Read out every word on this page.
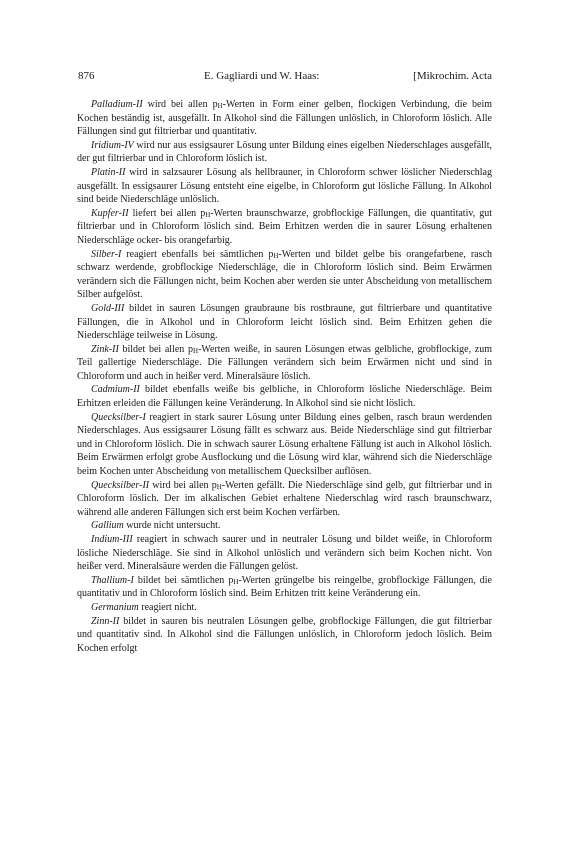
876	E. Gagliardi und W. Haas:	[Mikrochim. Acta

Palladium-II wird bei allen $p_H$-Werten in Form einer gelben, flockigen Verbindung, die beim Kochen beständig ist, ausgefällt. In Alkohol sind die Fällungen unlöslich, in Chloroform löslich. Alle Fällungen sind gut filtrierbar und quantitativ.

Iridium-IV wird nur aus essigsaurer Lösung unter Bildung eines eigelben Niederschlages ausgefällt, der gut filtrierbar und in Chloroform löslich ist.

Platin-II wird in salzsaurer Lösung als hellbrauner, in Chloroform schwer löslicher Niederschlag ausgefällt. In essigsaurer Lösung entsteht eine eigelbe, in Chloroform gut lösliche Fällung. In Alkohol sind beide Niederschläge unlöslich.

Kupfer-II liefert bei allen $p_H$-Werten braunschwarze, grobflockige Fällungen, die quantitativ, gut filtrierbar und in Chloroform löslich sind. Beim Erhitzen werden die in saurer Lösung erhaltenen Niederschläge ocker- bis orangefarbig.

Silber-I reagiert ebenfalls bei sämtlichen $p_H$-Werten und bildet gelbe bis orangefarbene, rasch schwarz werdende, grobflockige Niederschläge, die in Chloroform löslich sind. Beim Erwärmen verändern sich die Fällungen nicht, beim Kochen aber werden sie unter Abscheidung von metallischem Silber aufgelöst.

Gold-III bildet in sauren Lösungen graubraune bis rostbraune, gut filtrierbare und quantitative Fällungen, die in Alkohol und in Chloroform leicht löslich sind. Beim Erhitzen gehen die Niederschläge teilweise in Lösung.

Zink-II bildet bei allen $p_H$-Werten weiße, in sauren Lösungen etwas gelbliche, grobflockige, zum Teil gallertige Niederschläge. Die Fällungen verändern sich beim Erwärmen nicht und sind in Chloroform und auch in heißer verd. Mineralsäure löslich.

Cadmium-II bildet ebenfalls weiße bis gelbliche, in Chloroform lösliche Niederschläge. Beim Erhitzen erleiden die Fällungen keine Veränderung. In Alkohol sind sie nicht löslich.

Quecksilber-I reagiert in stark saurer Lösung unter Bildung eines gelben, rasch braun werdenden Niederschlages. Aus essigsaurer Lösung fällt es schwarz aus. Beide Niederschläge sind gut filtrierbar und in Chloroform löslich. Die in schwach saurer Lösung erhaltene Fällung ist auch in Alkohol löslich. Beim Erwärmen erfolgt grobe Ausflockung und die Lösung wird klar, während sich die Niederschläge beim Kochen unter Abscheidung von metallischem Quecksilber auflösen.

Quecksilber-II wird bei allen $p_H$-Werten gefällt. Die Niederschläge sind gelb, gut filtrierbar und in Chloroform löslich. Der im alkalischen Gebiet erhaltene Niederschlag wird rasch braunschwarz, während alle anderen Fällungen sich erst beim Kochen verfärben.

Gallium wurde nicht untersucht.

Indium-III reagiert in schwach saurer und in neutraler Lösung und bildet weiße, in Chloroform lösliche Niederschläge. Sie sind in Alkohol unlöslich und verändern sich beim Kochen nicht. Von heißer verd. Mineralsäure werden die Fällungen gelöst.

Thallium-I bildet bei sämtlichen $p_H$-Werten grüngelbe bis reingelbe, grobflockige Fällungen, die quantitativ und in Chloroform löslich sind. Beim Erhitzen tritt keine Veränderung ein.

Germanium reagiert nicht.

Zinn-II bildet in sauren bis neutralen Lösungen gelbe, grobflockige Fällungen, die gut filtrierbar und quantitativ sind. In Alkohol sind die Fällungen unlöslich, in Chloroform jedoch löslich. Beim Kochen erfolgt
